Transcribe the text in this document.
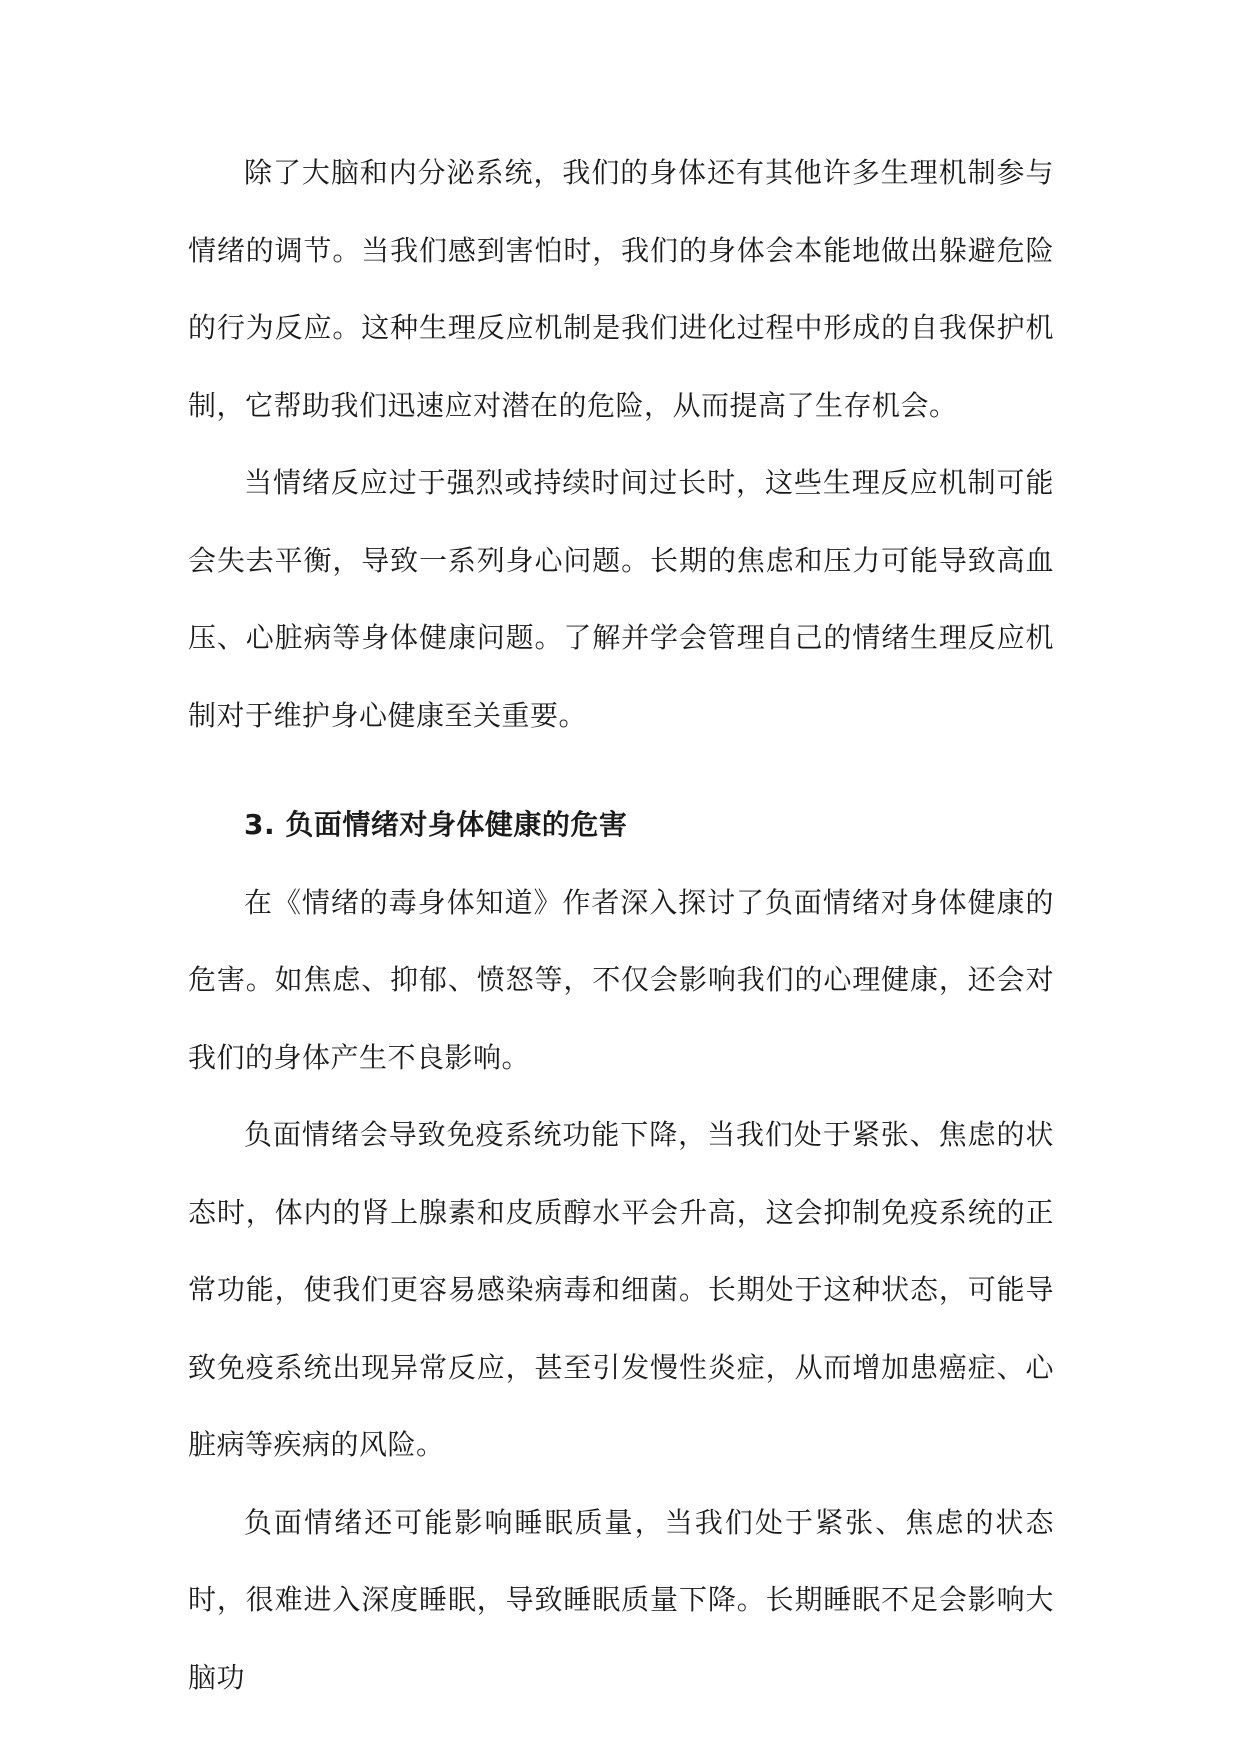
除了大脑和内分泌系统，我们的身体还有其他许多生理机制参与情绪的调节。当我们感到害怕时，我们的身体会本能地做出躲避危险的行为反应。这种生理反应机制是我们进化过程中形成的自我保护机制，它帮助我们迅速应对潜在的危险，从而提高了生存机会。

当情绪反应过于强烈或持续时间过长时，这些生理反应机制可能会失去平衡，导致一系列身心问题。长期的焦虑和压力可能导致高血压、心脏病等身体健康问题。了解并学会管理自己的情绪生理反应机制对于维护身心健康至关重要。

3. 负面情绪对身体健康的危害

在《情绪的毒身体知道》作者深入探讨了负面情绪对身体健康的危害。如焦虑、抑郁、愤怒等，不仅会影响我们的心理健康，还会对我们的身体产生不良影响。

负面情绪会导致免疫系统功能下降，当我们处于紧张、焦虑的状态时，体内的肾上腺素和皮质醇水平会升高，这会抑制免疫系统的正常功能，使我们更容易感染病毒和细菌。长期处于这种状态，可能导致免疫系统出现异常反应，甚至引发慢性炎症，从而增加患癌症、心脏病等疾病的风险。

负面情绪还可能影响睡眠质量，当我们处于紧张、焦虑的状态时，很难进入深度睡眠，导致睡眠质量下降。长期睡眠不足会影响大脑功
